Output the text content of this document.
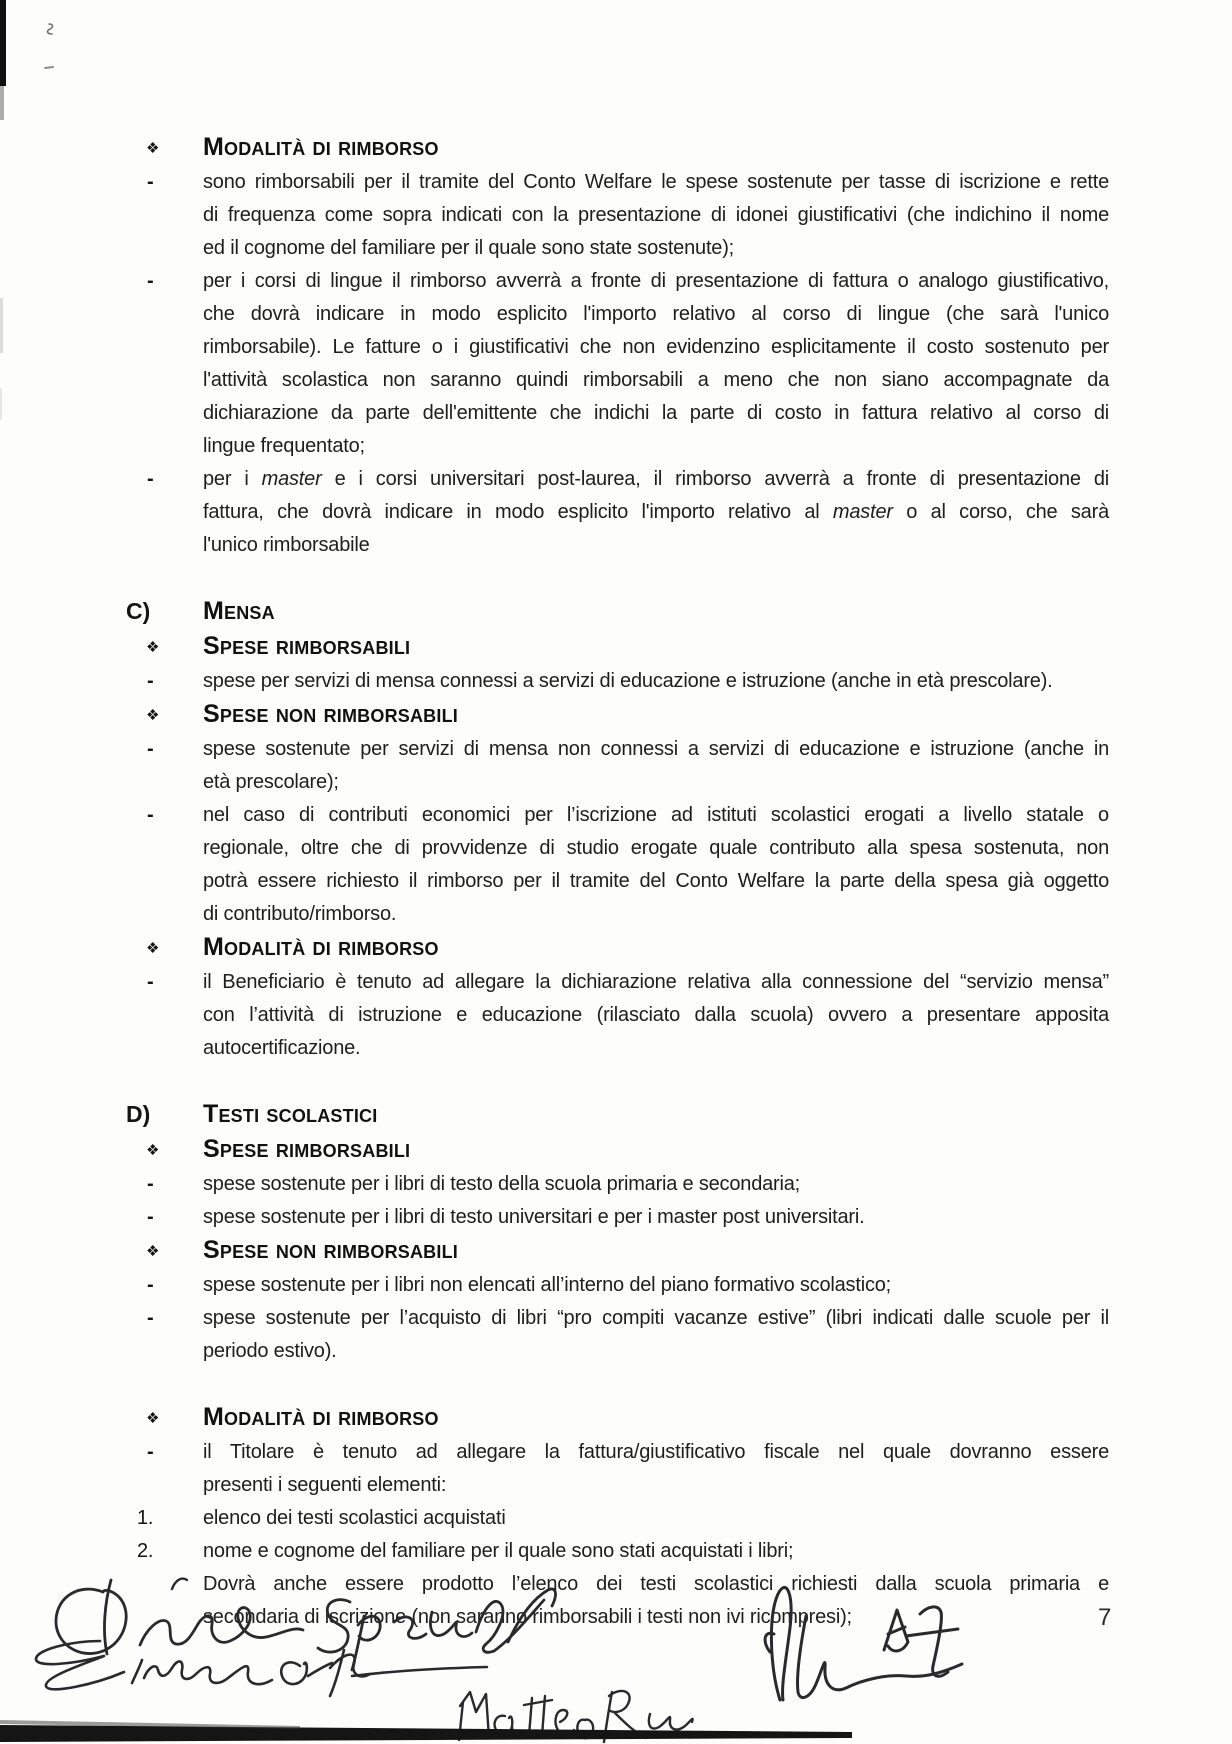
❖ Modalità di rimborso
- sono rimborsabili per il tramite del Conto Welfare le spese sostenute per tasse di iscrizione e rette
di frequenza come sopra indicati con la presentazione di idonei giustificativi (che indichino il nome
ed il cognome del familiare per il quale sono state sostenute);
- per i corsi di lingue il rimborso avverrà a fronte di presentazione di fattura o analogo giustificativo,
che dovrà indicare in modo esplicito l'importo relativo al corso di lingue (che sarà l'unico
rimborsabile). Le fatture o i giustificativi che non evidenzino esplicitamente il costo sostenuto per
l'attività scolastica non saranno quindi rimborsabili a meno che non siano accompagnate da
dichiarazione da parte dell'emittente che indichi la parte di costo in fattura relativo al corso di
lingue frequentato;
- per i master e i corsi universitari post-laurea, il rimborso avverrà a fronte di presentazione di
fattura, che dovrà indicare in modo esplicito l'importo relativo al master o al corso, che sarà
l'unico rimborsabile
C) Mensa
❖ Spese rimborsabili
- spese per servizi di mensa connessi a servizi di educazione e istruzione (anche in età prescolare).
❖ Spese non rimborsabili
- spese sostenute per servizi di mensa non connessi a servizi di educazione e istruzione (anche in
età prescolare);
- nel caso di contributi economici per l’iscrizione ad istituti scolastici erogati a livello statale o
regionale, oltre che di provvidenze di studio erogate quale contributo alla spesa sostenuta, non
potrà essere richiesto il rimborso per il tramite del Conto Welfare la parte della spesa già oggetto
di contributo/rimborso.
❖ Modalità di rimborso
- il Beneficiario è tenuto ad allegare la dichiarazione relativa alla connessione del “servizio mensa”
con l’attività di istruzione e educazione (rilasciato dalla scuola) ovvero a presentare apposita
autocertificazione.
D) Testi scolastici
❖ Spese rimborsabili
- spese sostenute per i libri di testo della scuola primaria e secondaria;
- spese sostenute per i libri di testo universitari e per i master post universitari.
❖ Spese non rimborsabili
- spese sostenute per i libri non elencati all’interno del piano formativo scolastico;
- spese sostenute per l’acquisto di libri “pro compiti vacanze estive” (libri indicati dalle scuole per il
periodo estivo).
❖ Modalità di rimborso
- il Titolare è tenuto ad allegare la fattura/giustificativo fiscale nel quale dovranno essere
presenti i seguenti elementi:
1. elenco dei testi scolastici acquistati
2. nome e cognome del familiare per il quale sono stati acquistati i libri;
Dovrà anche essere prodotto l’elenco dei testi scolastici richiesti dalla scuola primaria e
secondaria di iscrizione (non saranno rimborsabili i testi non ivi ricompresi);	7
